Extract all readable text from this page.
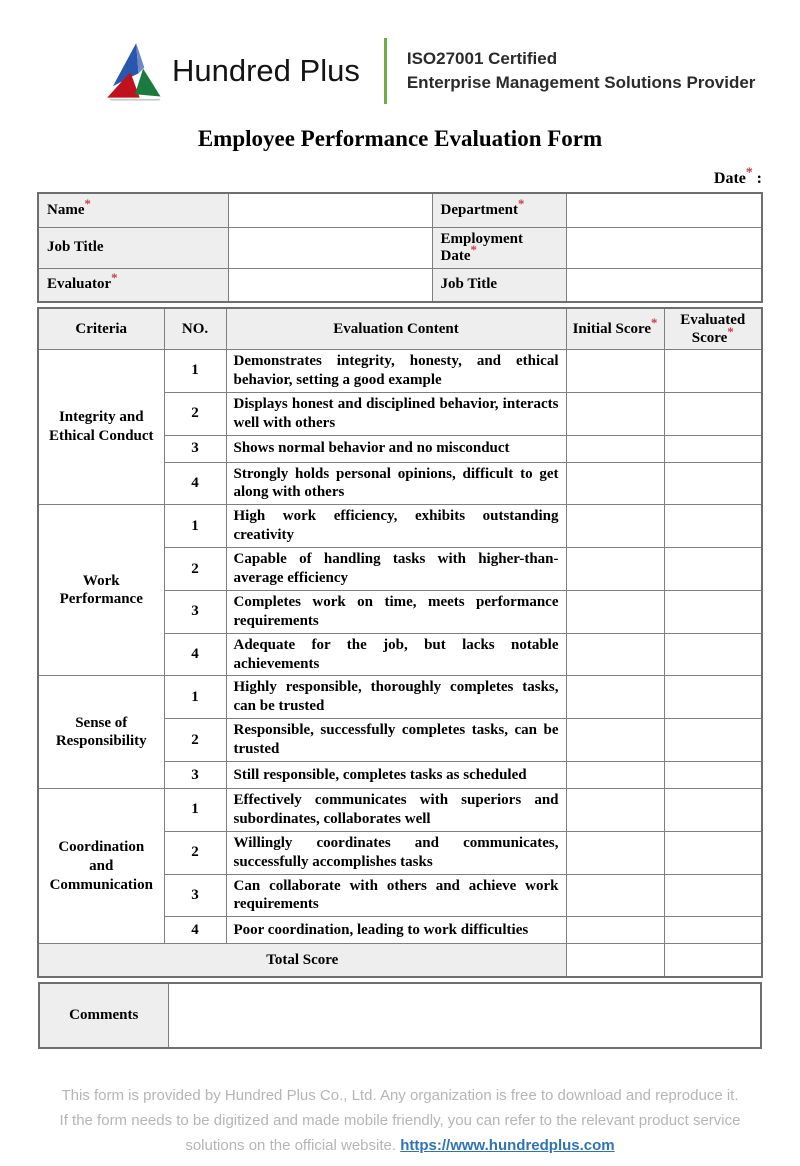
Hundred Plus	ISO27001 Certified
Enterprise Management Solutions Provider
Employee Performance Evaluation Form
Date* :
Name*		Department*	
Job Title		Employment Date*	
Evaluator*		Job Title	
Criteria	NO.	Evaluation Content	Initial Score*	Evaluated Score*
Integrity and Ethical Conduct	1	Demonstrates integrity, honesty, and ethical behavior, setting a good example		
	2	Displays honest and disciplined behavior, interacts well with others		
	3	Shows normal behavior and no misconduct		
	4	Strongly holds personal opinions, difficult to get along with others		
Work Performance	1	High work efficiency, exhibits outstanding creativity		
	2	Capable of handling tasks with higher-than-average efficiency		
	3	Completes work on time, meets performance requirements		
	4	Adequate for the job, but lacks notable achievements		
Sense of Responsibility	1	Highly responsible, thoroughly completes tasks, can be trusted		
	2	Responsible, successfully completes tasks, can be trusted		
	3	Still responsible, completes tasks as scheduled		
Coordination and Communication	1	Effectively communicates with superiors and subordinates, collaborates well		
	2	Willingly coordinates and communicates, successfully accomplishes tasks		
	3	Can collaborate with others and achieve work requirements		
	4	Poor coordination, leading to work difficulties		
Total Score				
Comments	
This form is provided by Hundred Plus Co., Ltd. Any organization is free to download and reproduce it.
If the form needs to be digitized and made mobile friendly, you can refer to the relevant product service
solutions on the official website. https://www.hundredplus.com
